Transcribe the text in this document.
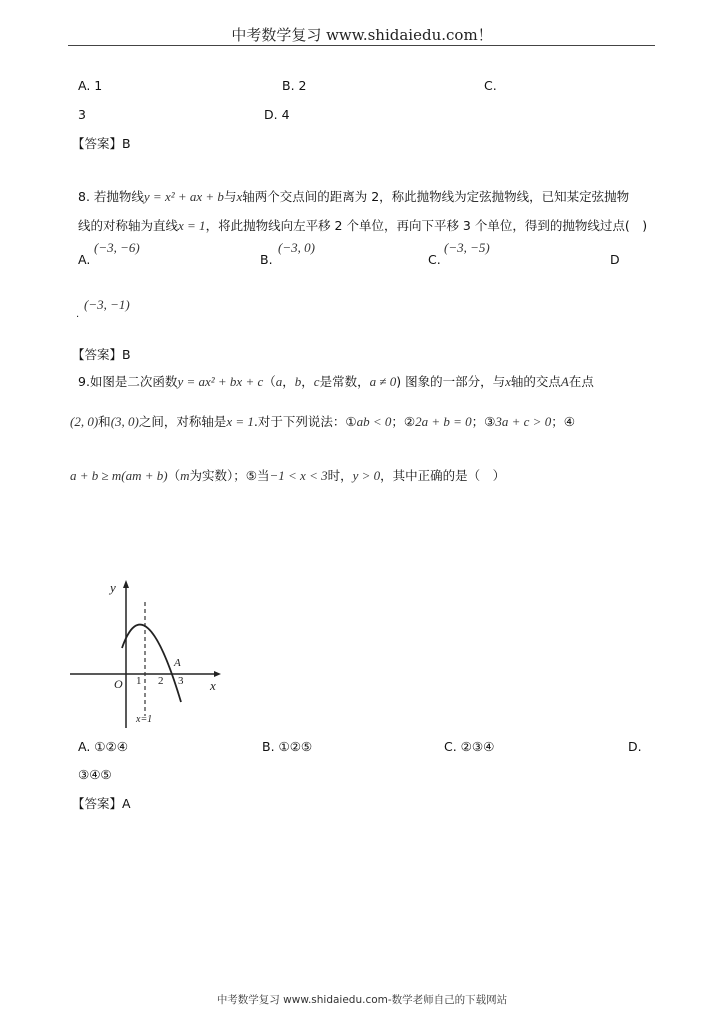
中考数学复习 www.shidaiedu.com！
A. 1	B. 2	C.
3	D. 4
【答案】B
8. 若抛物线y = x² + ax + b与x轴两个交点间的距离为 2，称此抛物线为定弦抛物线，已知某定弦抛物
线的对称轴为直线x = 1，将此抛物线向左平移 2 个单位，再向下平移 3 个单位，得到的抛物线过点(　)
(−3, −6)
A.
(−3, 0)
B.
(−3, −5)
C.	D
(−3, −1)
.
【答案】B
9.如图是二次函数y = ax² + bx + c（a，b，c是常数，a ≠ 0) 图象的一部分，与x轴的交点A在点
(2, 0)和(3, 0)之间，对称轴是x = 1.对于下列说法：①ab < 0；②2a + b = 0；③3a + c > 0；④
a + b ≥ m(am + b)（m为实数）；⑤当−1 < x < 3时，y > 0，其中正确的是（　）
y
x
O 1 2 3
A
x=1
A. ①②④	B. ①②⑤	C. ②③④	D.
③④⑤
【答案】A
中考数学复习 www.shidaiedu.com-数学老师自己的下载网站
